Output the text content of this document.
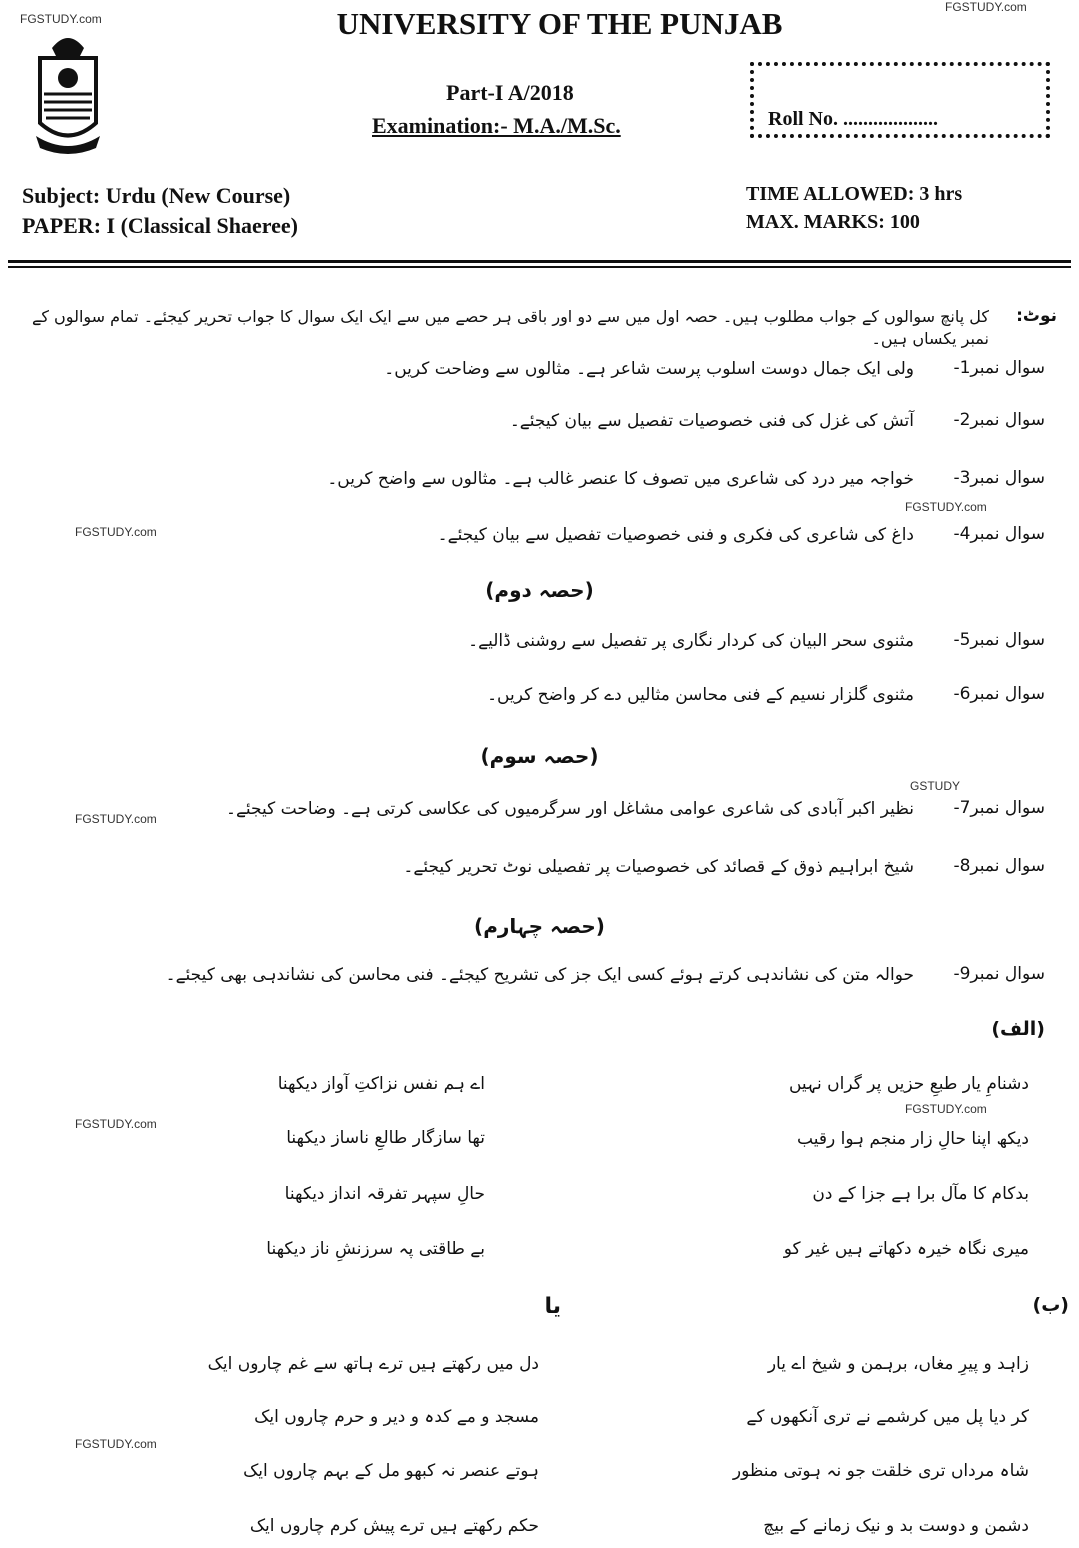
FGSTUDY.com
FGSTUDY.com
FGSTUDY.com
FGSTUDY.com
FGSTUDY.com
GSTUDY
FGSTUDY.com
FGSTUDY.com
FGSTUDY.com
UNIVERSITY OF THE PUNJAB
Part-I A/2018
Examination:- M.A./M.Sc.	Roll No. ...................
Subject: Urdu (New Course)
PAPER: I (Classical Shaeree)
TIME ALLOWED: 3 hrs
MAX. MARKS: 100
نوٹ:
کل پانچ سوالوں کے جواب مطلوب ہیں۔ حصہ اول میں سے دو اور باقی ہر حصے میں سے ایک ایک سوال کا جواب تحریر کیجئے۔ تمام سوالوں کے نمبر یکساں ہیں۔
سوال نمبر1-
ولی ایک جمال دوست اسلوب پرست شاعر ہے۔ مثالوں سے وضاحت کریں۔
سوال نمبر2-
آتش کی غزل کی فنی خصوصیات تفصیل سے بیان کیجئے۔
سوال نمبر3-
خواجہ میر درد کی شاعری میں تصوف کا عنصر غالب ہے۔ مثالوں سے واضح کریں۔
سوال نمبر4-
داغ کی شاعری کی فکری و فنی خصوصیات تفصیل سے بیان کیجئے۔
(حصہ دوم)
سوال نمبر5-
مثنوی سحر البیان کی کردار نگاری پر تفصیل سے روشنی ڈالیے۔
سوال نمبر6-
مثنوی گلزار نسیم کے فنی محاسن مثالیں دے کر واضح کریں۔
(حصہ سوم)
سوال نمبر7-
نظیر اکبر آبادی کی شاعری عوامی مشاغل اور سرگرمیوں کی عکاسی کرتی ہے۔ وضاحت کیجئے۔
سوال نمبر8-
شیخ ابراہیم ذوق کے قصائد کی خصوصیات پر تفصیلی نوٹ تحریر کیجئے۔
(حصہ چہارم)
سوال نمبر9-
حوالہ متن کی نشاندہی کرتے ہوئے کسی ایک جز کی تشریح کیجئے۔ فنی محاسن کی نشاندہی بھی کیجئے۔
(الف)
دشنامِ یار طبعِ حزیں پر گراں نہیں
اے ہم نفس نزاکتِ آواز دیکھنا
دیکھ اپنا حالِ زار منجم ہوا رقیب
تھا سازگار طالعِ ناساز دیکھنا
بدکام کا مآل برا ہے جزا کے دن
حالِ سپہر تفرقہ انداز دیکھنا
میری نگاہ خیرہ دکھاتے ہیں غیر کو
بے طاقتی پہ سرزنشِ ناز دیکھنا
یا	(ب)
زاہد و پیرِ مغاں، برہمن و شیخ اے یار
دل میں رکھتے ہیں ترے ہاتھ سے غم چاروں ایک
کر دیا پل میں کرشمے نے تری آنکھوں کے
مسجد و مے کدہ و دیر و حرم چاروں ایک
شاہ مرداں تری خلقت جو نہ ہوتی منظور
ہوتے عنصر نہ کبھو مل کے بہم چاروں ایک
دشمن و دوست بد و نیک زمانے کے بیچ
حکم رکھتے ہیں ترے پیش کرم چاروں ایک
